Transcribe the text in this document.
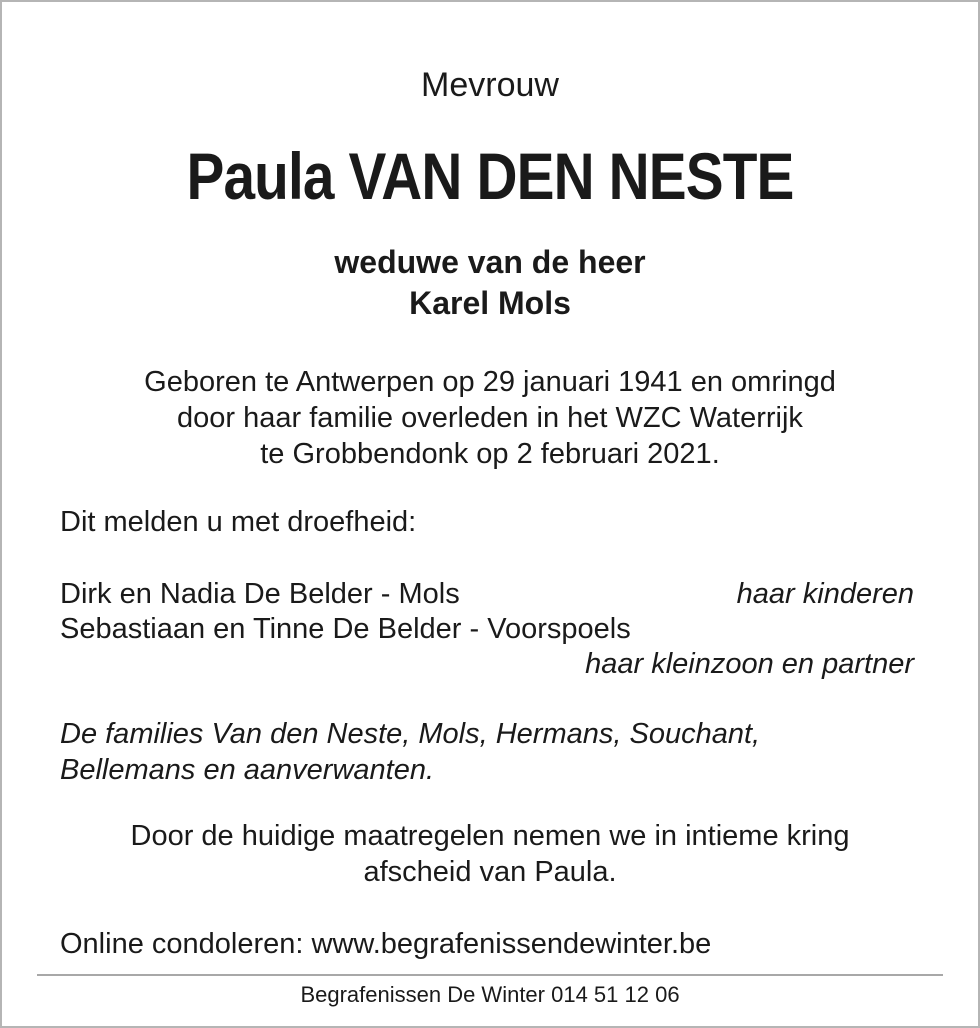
Mevrouw
Paula VAN DEN NESTE
weduwe van de heer
Karel Mols
Geboren te Antwerpen op 29 januari 1941 en omringd
door haar familie overleden in het WZC Waterrijk
te Grobbendonk op 2 februari 2021.
Dit melden u met droefheid:
Dirk en Nadia De Belder - Mols	haar kinderen
Sebastiaan en Tinne De Belder - Voorspoels
haar kleinzoon en partner
De families Van den Neste, Mols, Hermans, Souchant,
Bellemans en aanverwanten.
Door de huidige maatregelen nemen we in intieme kring
afscheid van Paula.
Online condoleren: www.begrafenissendewinter.be
Begrafenissen De Winter 014 51 12 06
